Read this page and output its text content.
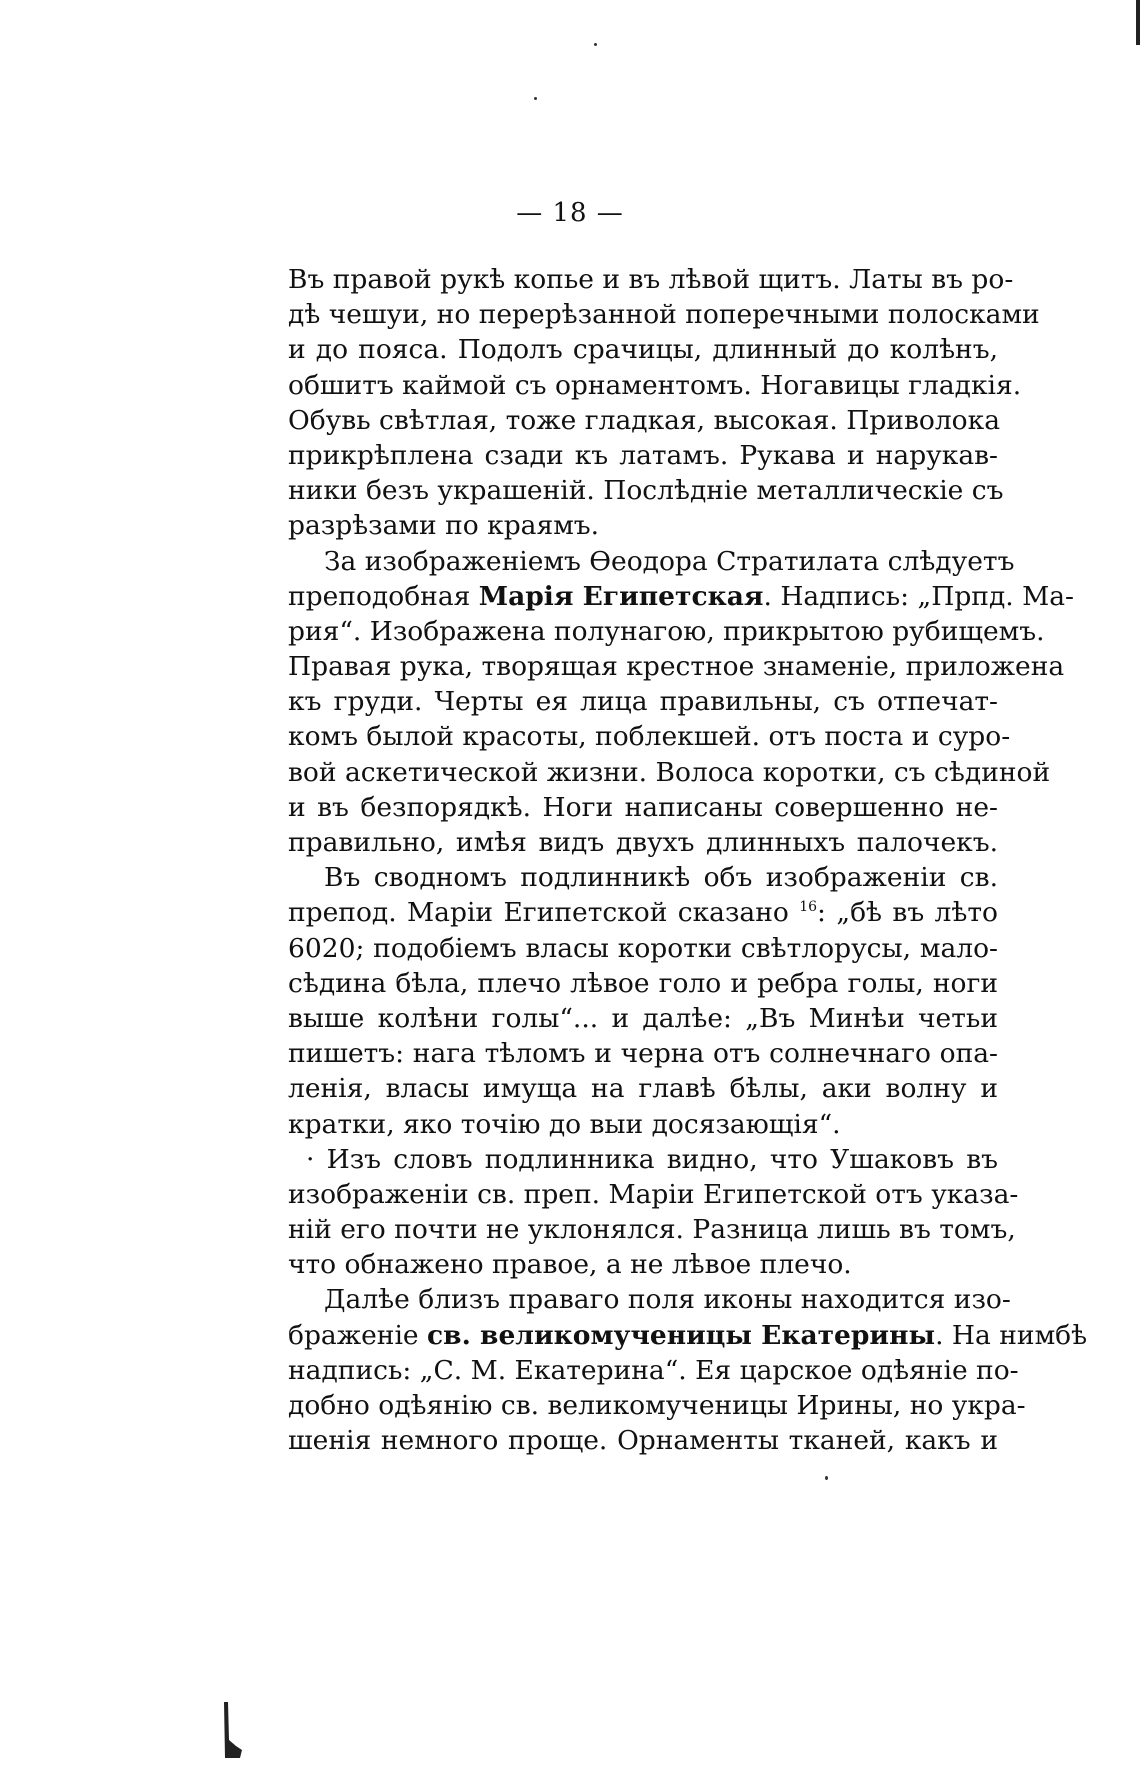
— 18 —
Въ правой рукѣ копье и въ лѣвой щитъ. Латы въ ро-
дѣ чешуи, но перерѣзанной поперечными полосками
и до пояса. Подолъ срачицы, длинный до колѣнъ,
обшитъ каймой съ орнаментомъ. Ногавицы гладкія.
Обувь свѣтлая, тоже гладкая, высокая. Приволока
прикрѣплена сзади къ латамъ. Рукава и нарукав-
ники безъ украшеній. Послѣдніе металлическіе съ
разрѣзами по краямъ.
За изображеніемъ Ѳеодора Стратилата слѣдуетъ
преподобная Марія Египетская. Надпись: „Прпд. Ма-
рия“. Изображена полунагою, прикрытою рубищемъ.
Правая рука, творящая крестное знаменіе, приложена
къ груди. Черты ея лица правильны, съ отпечат-
комъ былой красоты, поблекшей. отъ поста и суро-
вой аскетической жизни. Волоса коротки, съ сѣдиной
и въ безпорядкѣ. Ноги написаны совершенно не-
правильно, имѣя видъ двухъ длинныхъ палочекъ.
Въ сводномъ подлинникѣ объ изображеніи св.
препод. Маріи Египетской сказано $^{16}$: „бѣ въ лѣто
6020; подобіемъ власы коротки свѣтлорусы, мало-
сѣдина бѣла, плечо лѣвое голо и ребра голы, ноги
выше колѣни голы“... и далѣе: „Въ Минѣи четьи
пишетъ: нага тѣломъ и черна отъ солнечнаго опа-
ленія, власы имуща на главѣ бѣлы, аки волну и
кратки, яко точію до выи досязающія“.
· Изъ словъ подлинника видно, что Ушаковъ въ
изображеніи св. преп. Маріи Египетской отъ указа-
ній его почти не уклонялся. Разница лишь въ томъ,
что обнажено правое, а не лѣвое плечо.
Далѣе близъ праваго поля иконы находится изо-
браженіе св. великомученицы Екатерины. На нимбѣ
надпись: „С. М. Екатерина“. Ея царское одѣяніе по-
добно одѣянію св. великомученицы Ирины, но укра-
шенія немного проще. Орнаменты тканей, какъ и
